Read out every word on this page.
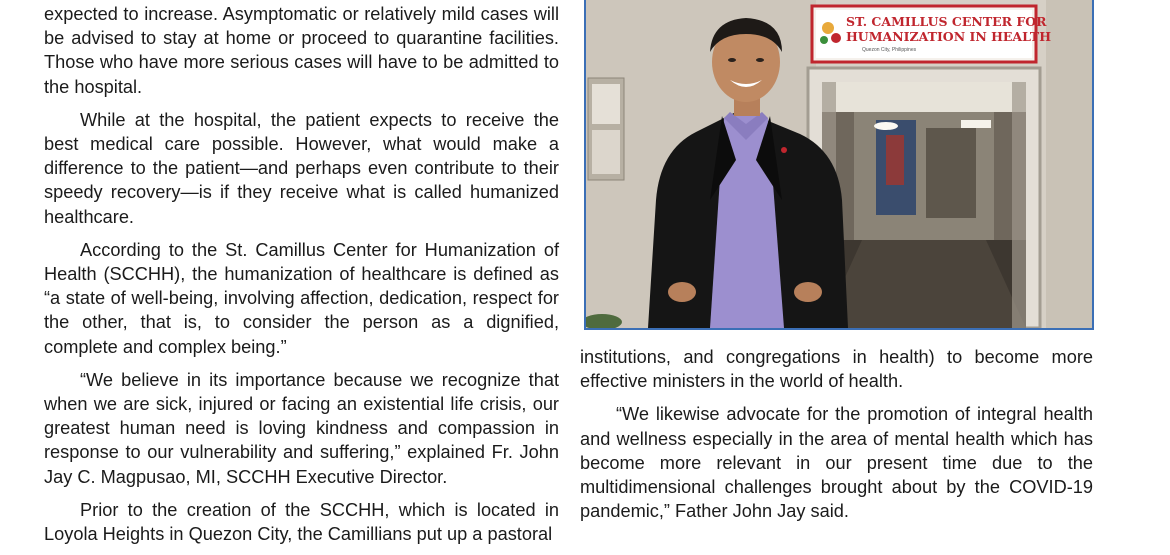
expected to increase. Asymptomatic or relatively mild cases will be advised to stay at home or proceed to quarantine facilities. Those who have more serious cases will have to be admitted to the hospital.

While at the hospital, the patient expects to receive the best medical care possible. However, what would make a difference to the patient—and perhaps even contribute to their speedy recovery—is if they receive what is called humanized healthcare.

According to the St. Camillus Center for Humanization of Health (SCCHH), the humanization of healthcare is defined as “a state of well-being, involving affection, dedication, respect for the other, that is, to consider the person as a dignified, complete and complex being.”

“We believe in its importance because we recognize that when we are sick, injured or facing an existential life crisis, our greatest human need is loving kindness and compassion in response to our vulnerability and suffering,” explained Fr. John Jay C. Magpusao, MI, SCCHH Executive Director.

Prior to the creation of the SCCHH, which is located in Loyola Heights in Quezon City, the Camillians put up a pastoral

ST. CAMILLUS CENTER FOR
HUMANIZATION IN HEALTH
Quezon City, Philippines

institutions, and congregations in health) to become more effective ministers in the world of health.

“We likewise advocate for the promotion of integral health and wellness especially in the area of mental health which has become more relevant in our present time due to the multidimensional challenges brought about by the COVID-19 pandemic,” Father John Jay said.
